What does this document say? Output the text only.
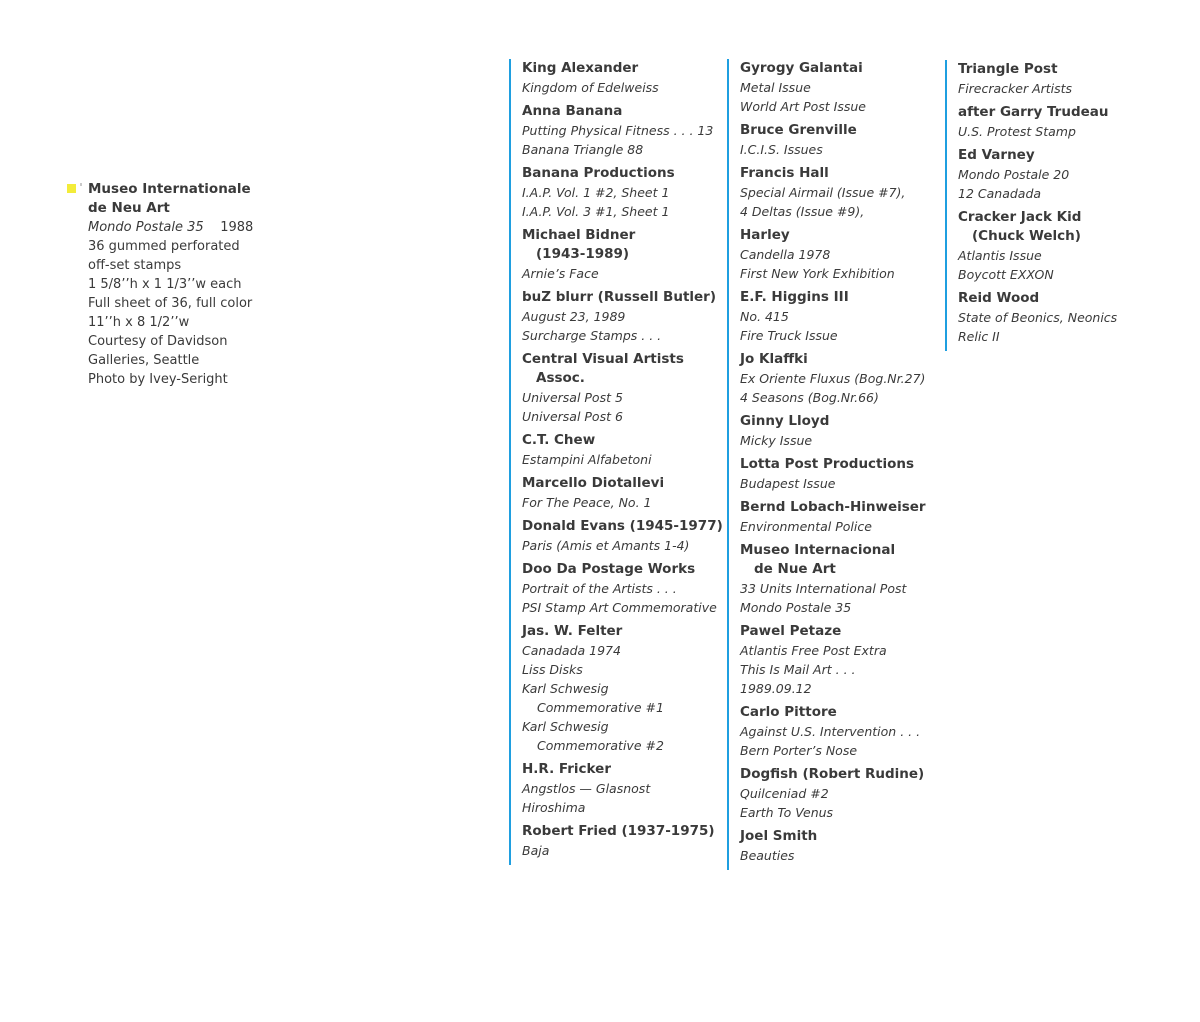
Museo Internationale
de Neu Art
Mondo Postale 35 1988
36 gummed perforated
off-set stamps
1 5/8’’h x 1 1/3’’w each
Full sheet of 36, full color
11’’h x 8 1/2’’w
Courtesy of Davidson
Galleries, Seattle
Photo by Ivey-Seright
King Alexander
Kingdom of Edelweiss
Anna Banana
Putting Physical Fitness . . . 13
Banana Triangle 88
Banana Productions
I.A.P. Vol. 1 #2, Sheet 1
I.A.P. Vol. 3 #1, Sheet 1
Michael Bidner
(1943-1989)
Arnie’s Face
buZ blurr (Russell Butler)
August 23, 1989
Surcharge Stamps . . .
Central Visual Artists
Assoc.
Universal Post 5
Universal Post 6
C.T. Chew
Estampini Alfabetoni
Marcello Diotallevi
For The Peace, No. 1
Donald Evans (1945-1977)
Paris (Amis et Amants 1-4)
Doo Da Postage Works
Portrait of the Artists . . .
PSI Stamp Art Commemorative
Jas. W. Felter
Canadada 1974
Liss Disks
Karl Schwesig
Commemorative #1
Karl Schwesig
Commemorative #2
H.R. Fricker
Angstlos — Glasnost
Hiroshima
Robert Fried (1937-1975)
Baja
Gyrogy Galantai
Metal Issue
World Art Post Issue
Bruce Grenville
I.C.I.S. Issues
Francis Hall
Special Airmail (Issue #7),
4 Deltas (Issue #9),
Harley
Candella 1978
First New York Exhibition
E.F. Higgins III
No. 415
Fire Truck Issue
Jo Klaffki
Ex Oriente Fluxus (Bog.Nr.27)
4 Seasons (Bog.Nr.66)
Ginny Lloyd
Micky Issue
Lotta Post Productions
Budapest Issue
Bernd Lobach-Hinweiser
Environmental Police
Museo Internacional
de Nue Art
33 Units International Post
Mondo Postale 35
Pawel Petaze
Atlantis Free Post Extra
This Is Mail Art . . .
1989.09.12
Carlo Pittore
Against U.S. Intervention . . .
Bern Porter’s Nose
Dogfish (Robert Rudine)
Quilceniad #2
Earth To Venus
Joel Smith
Beauties
Triangle Post
Firecracker Artists
after Garry Trudeau
U.S. Protest Stamp
Ed Varney
Mondo Postale 20
12 Canadada
Cracker Jack Kid
(Chuck Welch)
Atlantis Issue
Boycott EXXON
Reid Wood
State of Beonics, Neonics
Relic II
